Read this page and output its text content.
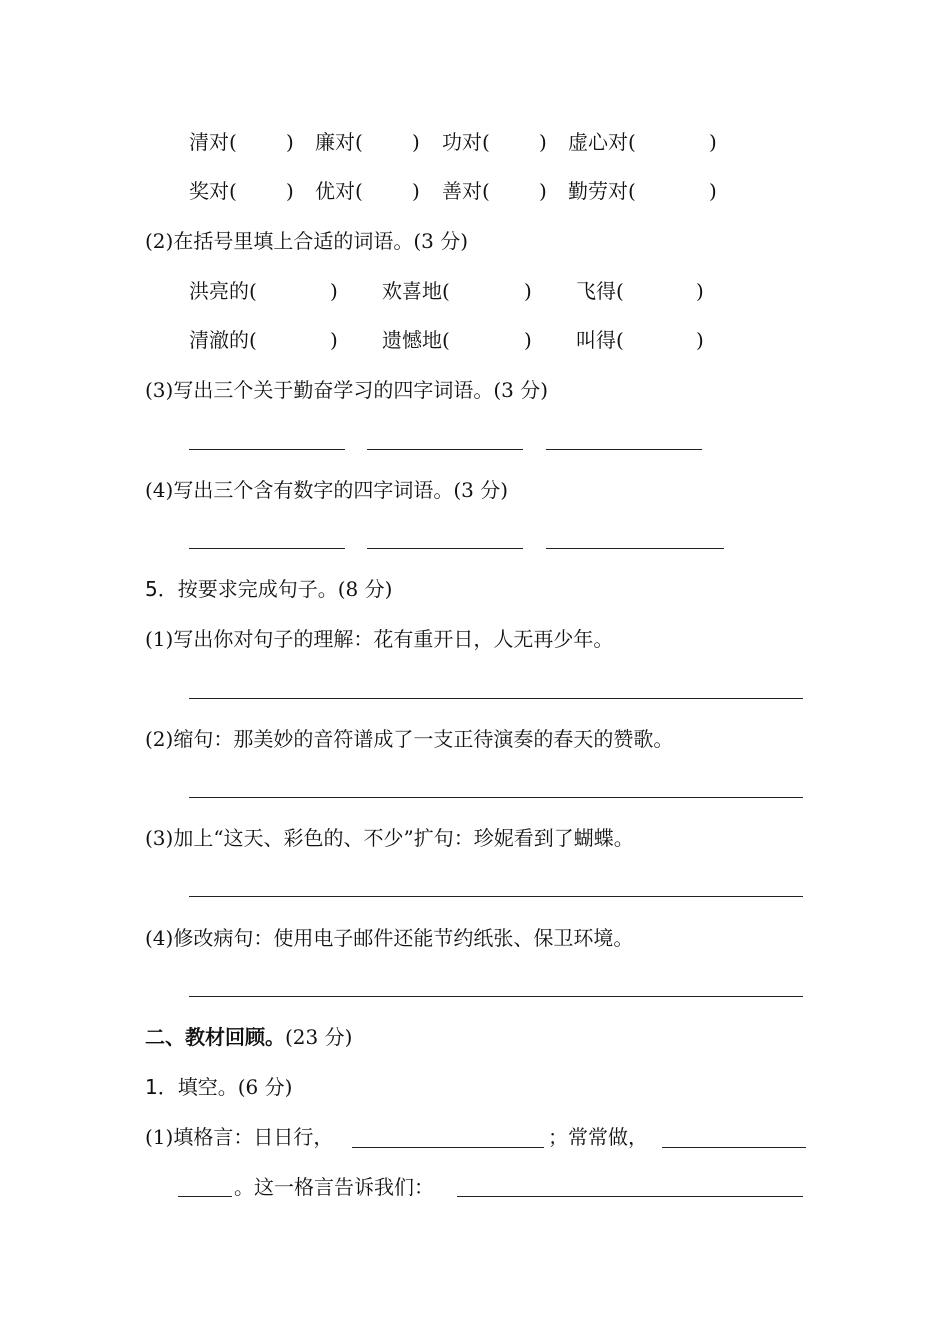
清对( ) 廉对( ) 功对( ) 虚心对(	)
奖对( ) 优对( ) 善对( ) 勤劳对(	)
(2)在括号里填上合适的词语。(3 分)
洪亮的(	) 欢喜地(	) 飞得(	)
清澈的(	) 遗憾地(	) 叫得(	)
(3)写出三个关于勤奋学习的四字词语。(3 分)
(4)写出三个含有数字的四字词语。(3 分)
5．按要求完成句子。(8 分)
(1)写出你对句子的理解：花有重开日，人无再少年。
(2)缩句：那美妙的音符谱成了一支正待演奏的春天的赞歌。
(3)加上“这天、彩色的、不少”扩句：珍妮看到了蝴蝶。
(4)修改病句：使用电子邮件还能节约纸张、保卫环境。
二、教材回顾。(23 分)
1．填空。(6 分)
(1)填格言：日日行，	；常常做，
。这一格言告诉我们：
